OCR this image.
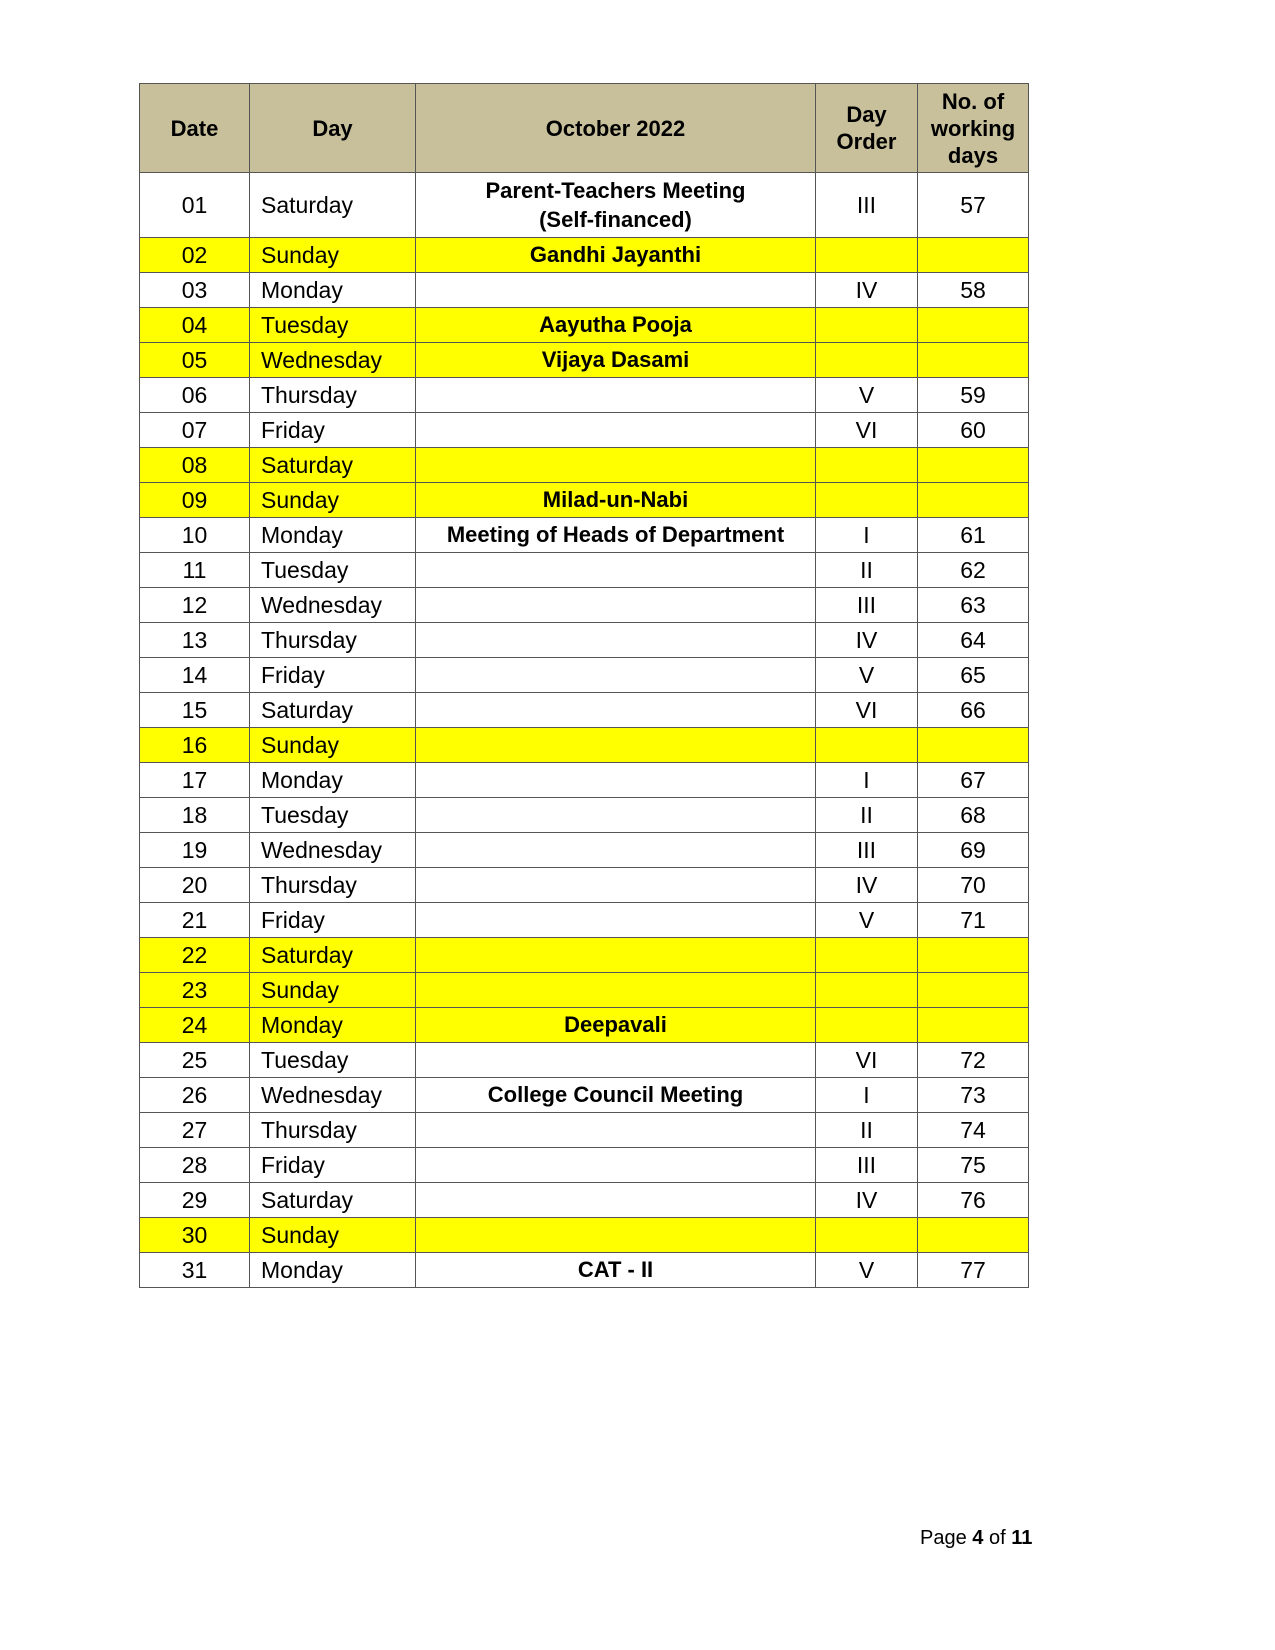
Date	Day	October 2022	Day Order	No. of working days
01	Saturday	Parent-Teachers Meeting (Self-financed)	III	57
02	Sunday	Gandhi Jayanthi		
03	Monday		IV	58
04	Tuesday	Aayutha Pooja		
05	Wednesday	Vijaya Dasami		
06	Thursday		V	59
07	Friday		VI	60
08	Saturday			
09	Sunday	Milad-un-Nabi		
10	Monday	Meeting of Heads of Department	I	61
11	Tuesday		II	62
12	Wednesday		III	63
13	Thursday		IV	64
14	Friday		V	65
15	Saturday		VI	66
16	Sunday			
17	Monday		I	67
18	Tuesday		II	68
19	Wednesday		III	69
20	Thursday		IV	70
21	Friday		V	71
22	Saturday			
23	Sunday			
24	Monday	Deepavali		
25	Tuesday		VI	72
26	Wednesday	College Council Meeting	I	73
27	Thursday		II	74
28	Friday		III	75
29	Saturday		IV	76
30	Sunday			
31	Monday	CAT - II	V	77
Page 4 of 11
